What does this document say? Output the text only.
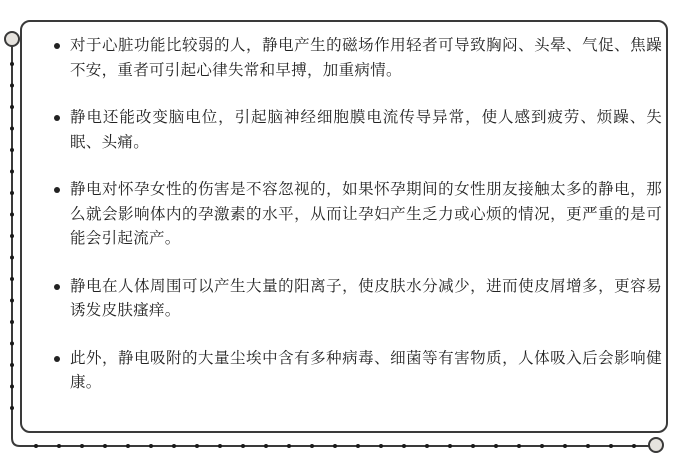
对于心脏功能比较弱的人，静电产生的磁场作用轻者可导致胸闷、头晕、气促、焦躁不安，重者可引起心律失常和早搏，加重病情。
静电还能改变脑电位，引起脑神经细胞膜电流传导异常，使人感到疲劳、烦躁、失眠、头痛。
静电对怀孕女性的伤害是不容忽视的，如果怀孕期间的女性朋友接触太多的静电，那么就会影响体内的孕激素的水平，从而让孕妇产生乏力或心烦的情况，更严重的是可能会引起流产。
静电在人体周围可以产生大量的阳离子，使皮肤水分减少，进而使皮屑增多，更容易诱发皮肤瘙痒。
此外，静电吸附的大量尘埃中含有多种病毒、细菌等有害物质，人体吸入后会影响健康。
